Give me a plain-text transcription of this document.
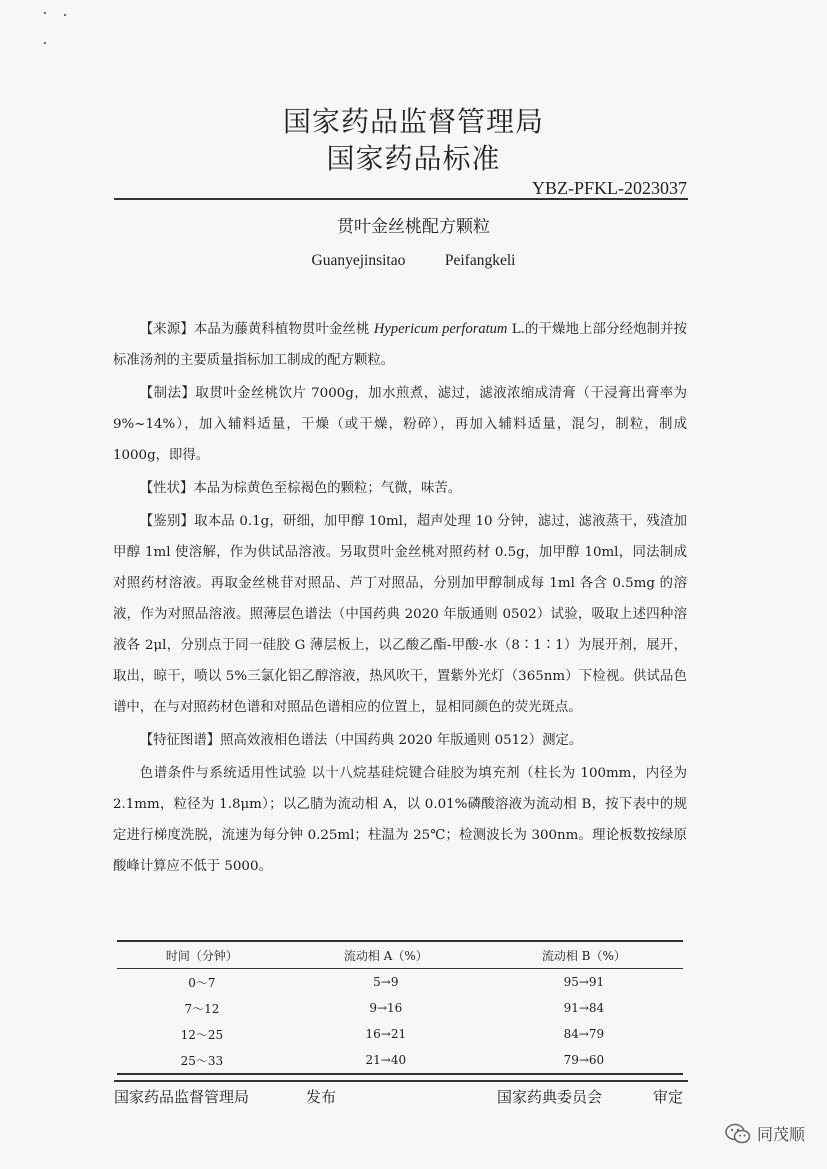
国家药品监督管理局
国家药品标准
YBZ-PFKL-2023037
贯叶金丝桃配方颗粒
Guanyejinsitao    Peifangkeli

【来源】本品为藤黄科植物贯叶金丝桃 Hypericum perforatum L.的干燥地上部分经炮制并按标准汤剂的主要质量指标加工制成的配方颗粒。

【制法】取贯叶金丝桃饮片 7000g，加水煎煮，滤过，滤液浓缩成清膏（干浸膏出膏率为 9%~14%），加入辅料适量，干燥（或干燥，粉碎），再加入辅料适量，混匀，制粒，制成 1000g，即得。

【性状】本品为棕黄色至棕褐色的颗粒；气微，味苦。

【鉴别】取本品 0.1g，研细，加甲醇 10ml，超声处理 10 分钟，滤过，滤液蒸干，残渣加甲醇 1ml 使溶解，作为供试品溶液。另取贯叶金丝桃对照药材 0.5g，加甲醇 10ml，同法制成对照药材溶液。再取金丝桃苷对照品、芦丁对照品，分别加甲醇制成每 1ml 各含 0.5mg 的溶液，作为对照品溶液。照薄层色谱法（中国药典 2020 年版通则 0502）试验，吸取上述四种溶液各 2μl，分别点于同一硅胶 G 薄层板上，以乙酸乙酯-甲酸-水（8∶1∶1）为展开剂，展开，取出，晾干，喷以 5%三氯化铝乙醇溶液，热风吹干，置紫外光灯（365nm）下检视。供试品色谱中，在与对照药材色谱和对照品色谱相应的位置上，显相同颜色的荧光斑点。

【特征图谱】照高效液相色谱法（中国药典 2020 年版通则 0512）测定。

色谱条件与系统适用性试验 以十八烷基硅烷键合硅胶为填充剂（柱长为 100mm，内径为 2.1mm，粒径为 1.8μm）；以乙腈为流动相 A，以 0.01%磷酸溶液为流动相 B，按下表中的规定进行梯度洗脱，流速为每分钟 0.25ml；柱温为 25℃；检测波长为 300nm。理论板数按绿原酸峰计算应不低于 5000。

时间（分钟）	流动相 A（%）	流动相 B（%）
0～7	5→9	95→91
7～12	9→16	91→84
12～25	16→21	84→79
25～33	21→40	79→60
国家药品监督管理局	发布	国家药典委员会	审定
同茂顺
